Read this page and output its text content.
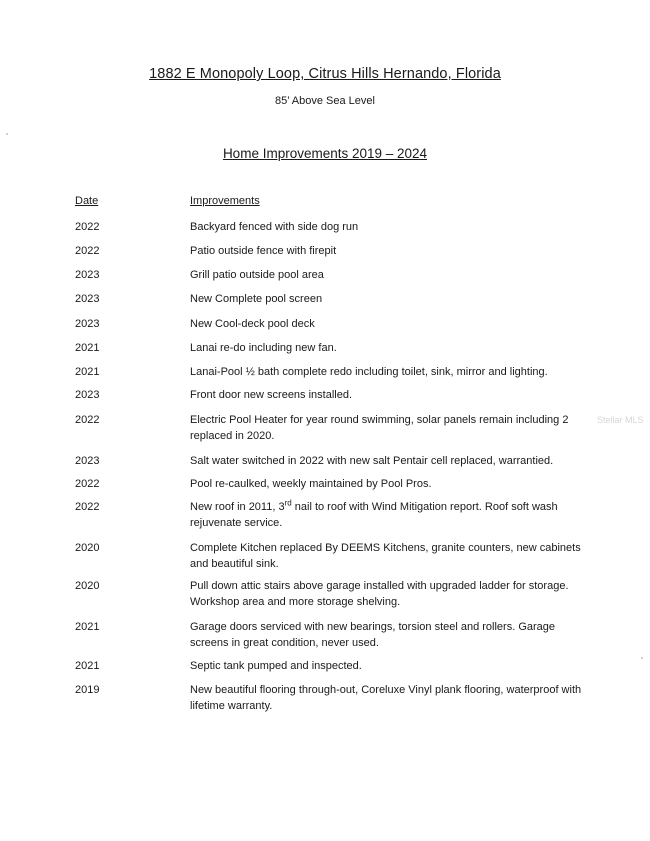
1882 E Monopoly Loop, Citrus Hills Hernando, Florida
85’ Above Sea Level
Home Improvements 2019 – 2024
Date	Improvements
2022	Backyard fenced with side dog run
2022	Patio outside fence with firepit
2023	Grill patio outside pool area
2023	New Complete pool screen
2023	New Cool-deck pool deck
2021	Lanai re-do including new fan.
2021	Lanai-Pool ½ bath complete redo including toilet, sink, mirror and lighting.
2023	Front door new screens installed.
2022	Electric Pool Heater for year round swimming, solar panels remain including 2 replaced in 2020.
2023	Salt water switched in 2022 with new salt Pentair cell replaced, warrantied.
2022	Pool re-caulked, weekly maintained by Pool Pros.
2022	New roof in 2011, 3rd nail to roof with Wind Mitigation report. Roof soft wash rejuvenate service.
2020	Complete Kitchen replaced By DEEMS Kitchens, granite counters, new cabinets and beautiful sink.
2020	Pull down attic stairs above garage installed with upgraded ladder for storage. Workshop area and more storage shelving.
2021	Garage doors serviced with new bearings, torsion steel and rollers. Garage screens in great condition, never used.
2021	Septic tank pumped and inspected.
2019	New beautiful flooring through-out, Coreluxe Vinyl plank flooring, waterproof with lifetime warranty.
Stellar MLS
